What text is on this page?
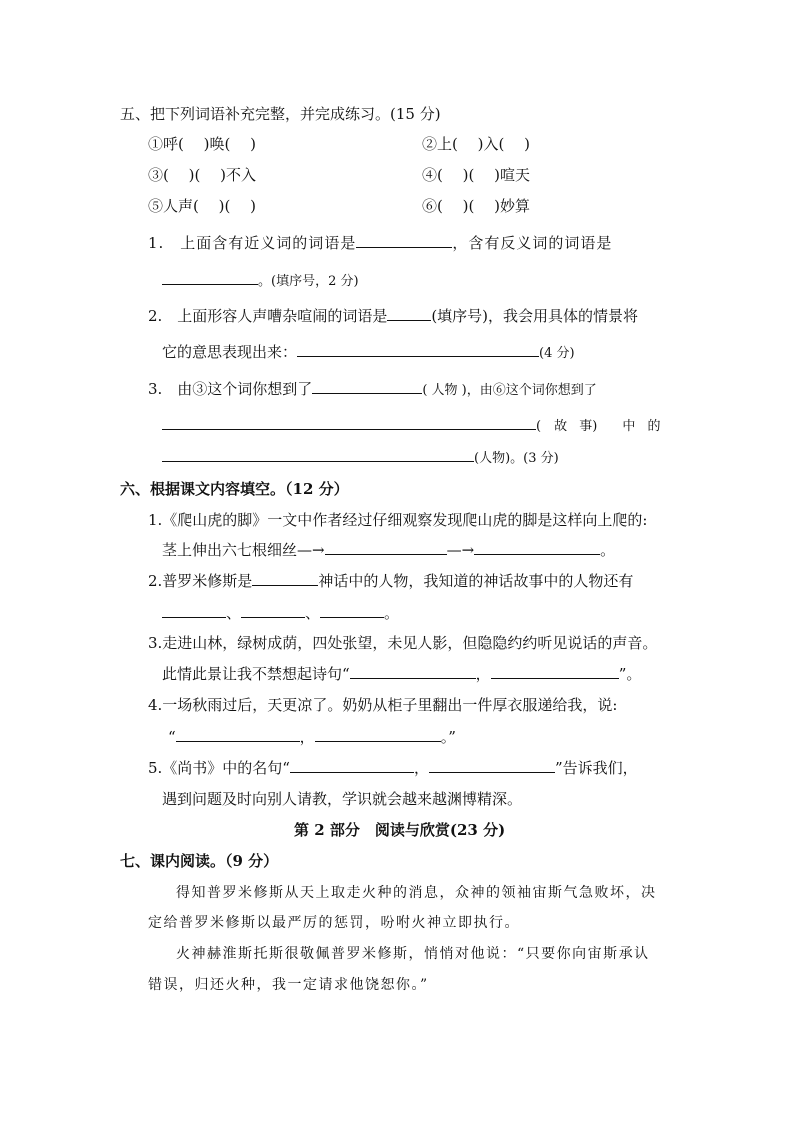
五、把下列词语补充完整，并完成练习。(15 分)
①呼(　 )唤(　 )	②上(　 )入(　 )
③(　 )(　 )不入	④(　 )(　 )喧天
⑤人声(　 )(　 )	⑥(　 )(　 )妙算
1.　上面含有近义词的词语是	，含有反义词的词语是
。(填序号，2 分)
2.　上面形容人声嘈杂喧闹的词语是	(填序号)，我会用具体的情景将
它的意思表现出来：	(4 分)
3.　由③这个词你想到了	( 人物 )，由⑥这个词你想到了
(　故 事)　 中 的
(人物)。(3 分)
六、根据课文内容填空。（12 分）
1.《爬山虎的脚》一文中作者经过仔细观察发现爬山虎的脚是这样向上爬的:
茎上伸出六七根细丝—→	—→	。
2.普罗米修斯是	神话中的人物，我知道的神话故事中的人物还有
、	、	。
3.走进山林，绿树成荫，四处张望，未见人影，但隐隐约约听见说话的声音。
此情此景让我不禁想起诗句“	，	”。
4.一场秋雨过后，天更凉了。奶奶从柜子里翻出一件厚衣服递给我，说:
“	，	。”
5.《尚书》中的名句“	，	”告诉我们，
遇到问题及时向别人请教，学识就会越来越渊博精深。
第 2 部分　阅读与欣赏(23 分)
七、课内阅读。（9 分）
得知普罗米修斯从天上取走火种的消息，众神的领袖宙斯气急败坏，决
定给普罗米修斯以最严厉的惩罚，吩咐火神立即执行。
火神赫淮斯托斯很敬佩普罗米修斯，悄悄对他说：“只要你向宙斯承认
错误，归还火种，我一定请求他饶恕你。”
